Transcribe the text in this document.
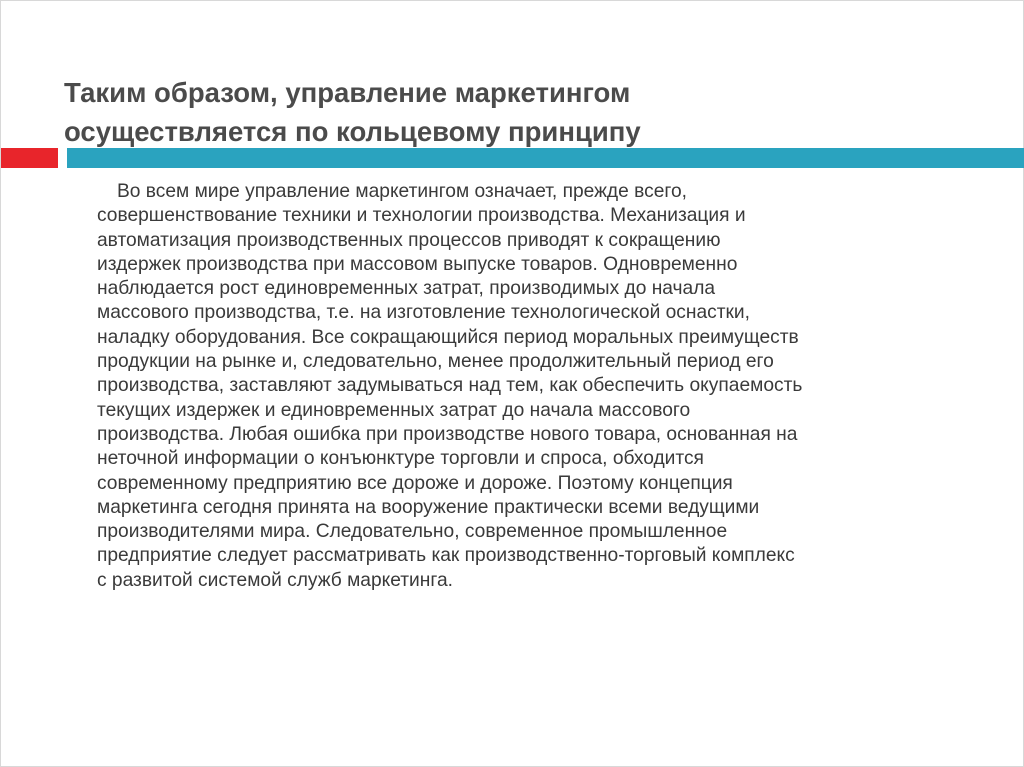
Таким образом, управление маркетингом
осуществляется по кольцевому принципу
Во всем мире управление маркетингом означает, прежде всего,
совершенствование техники и технологии производства. Механизация и
автоматизация производственных процессов приводят к сокращению
издержек производства при массовом выпуске товаров. Одновременно
наблюдается рост единовременных затрат, производимых до начала
массового производства, т.е. на изготовление технологической оснастки,
наладку оборудования. Все сокращающийся период моральных преимуществ
продукции на рынке и, следовательно, менее продолжительный период его
производства, заставляют задумываться над тем, как обеспечить окупаемость
текущих издержек и единовременных затрат до начала массового
производства. Любая ошибка при производстве нового товара, основанная на
неточной информации о конъюнктуре торговли и спроса, обходится
современному предприятию все дороже и дороже. Поэтому концепция
маркетинга сегодня принята на вооружение практически всеми ведущими
производителями мира. Следовательно, современное промышленное
предприятие следует рассматривать как производственно-торговый комплекс
с развитой системой служб маркетинга.
